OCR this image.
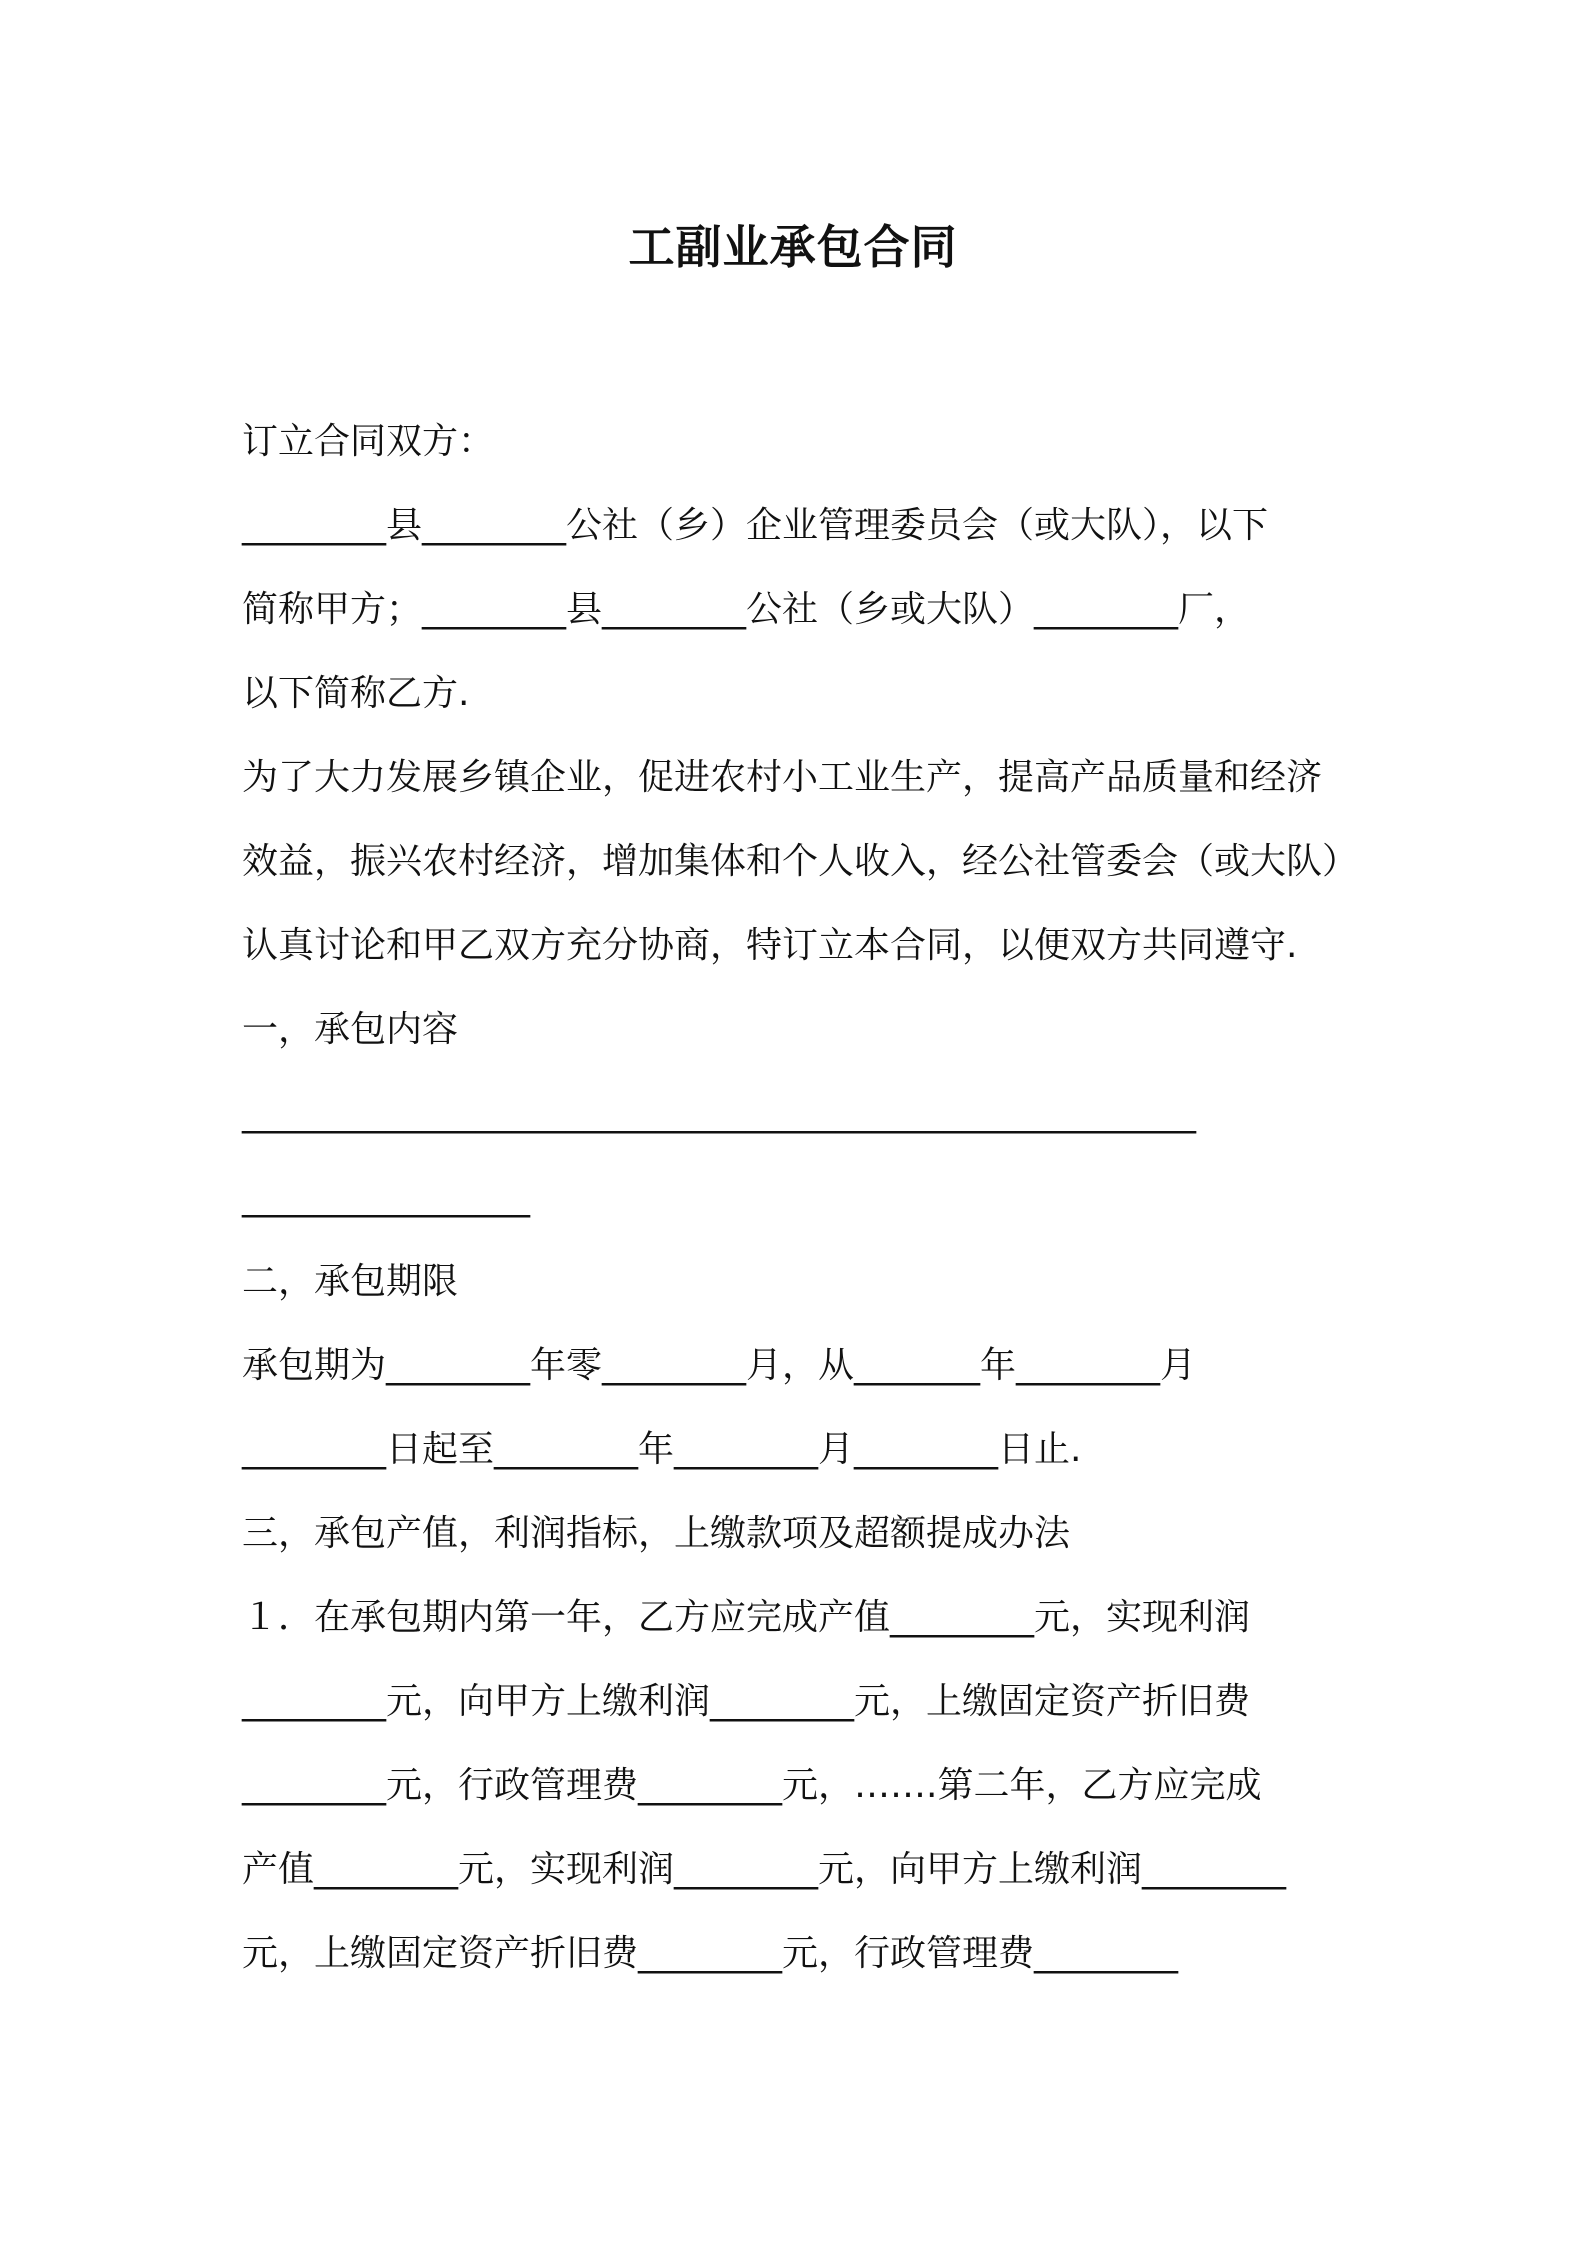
工副业承包合同

订立合同双方：

________县________公社（乡）企业管理委员会（或大队），以下

简称甲方；________县________公社（乡或大队）________厂，

以下简称乙方.

为了大力发展乡镇企业，促进农村小工业生产，提高产品质量和经济

效益，振兴农村经济，增加集体和个人收入，经公社管委会（或大队）

认真讨论和甲乙双方充分协商，特订立本合同，以便双方共同遵守.

一，承包内容

_____________________________________________________

________________

二，承包期限

承包期为________年零________月，从_______年________月

________日起至________年________月________日止.

三，承包产值，利润指标，上缴款项及超额提成办法

１．在承包期内第一年，乙方应完成产值________元，实现利润

________元，向甲方上缴利润________元，上缴固定资产折旧费

________元，行政管理费________元，…….第二年，乙方应完成

产值________元，实现利润________元，向甲方上缴利润________

元，上缴固定资产折旧费________元，行政管理费________
